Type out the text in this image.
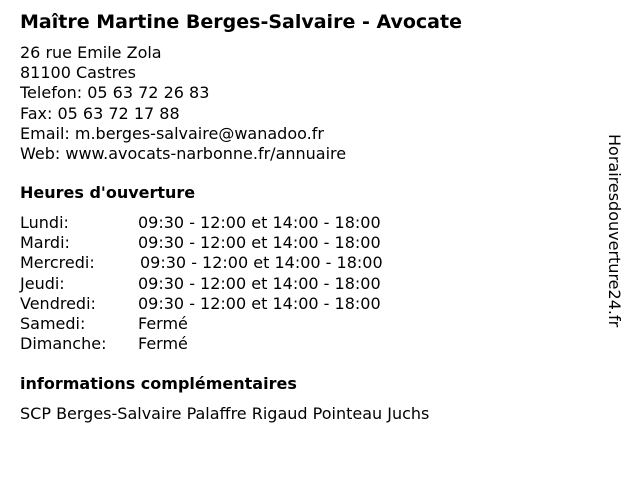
Maître Martine Berges-Salvaire - Avocate
26 rue Emile Zola
81100 Castres
Telefon: 05 63 72 26 83
Fax: 05 63 72 17 88
Email: m.berges-salvaire@wanadoo.fr
Web: www.avocats-narbonne.fr/annuaire
Heures d'ouverture
Lundi:	09:30 - 12:00 et 14:00 - 18:00
Mardi:	09:30 - 12:00 et 14:00 - 18:00
Mercredi:	09:30 - 12:00 et 14:00 - 18:00
Jeudi:	09:30 - 12:00 et 14:00 - 18:00
Vendredi:	09:30 - 12:00 et 14:00 - 18:00
Samedi:	Fermé
Dimanche: Fermé
informations complémentaires
SCP Berges-Salvaire Palaffre Rigaud Pointeau Juchs
Horairesdouverture24.fr
